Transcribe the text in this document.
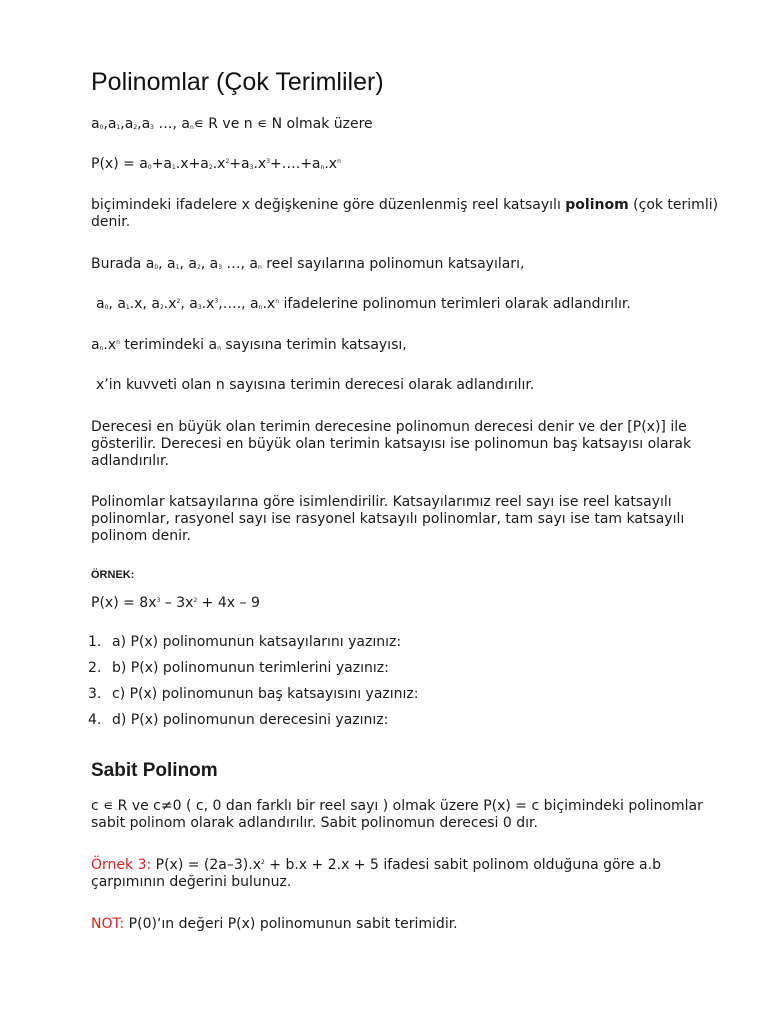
Polinomlar (Çok Terimliler)

$a_0,a_1,a_2,a_3$ …, $a_n∊$ R ve n ∊ N olmak üzere

$P(x) = a_0+a_1.x+a_2.x^2+a_3.x^3+\dots.+a_n.x^n$

biçimindeki ifadelere x değişkenine göre düzenlenmiş reel katsayılı polinom (çok terimli) denir.

Burada $a_0$, $a_1$, $a_2$, $a_3$ …, $a_n$ reel sayılarına polinomun katsayıları,

$a_0$, $a_1.x$, $a_2.x^2$, $a_3.x^3,\dots$., $a_n.x^n$ ifadelerine polinomun terimleri olarak adlandırılır.

$a_n.x^n$ terimindeki $a_n$ sayısına terimin katsayısı,

x’in kuvveti olan n sayısına terimin derecesi olarak adlandırılır.

Derecesi en büyük olan terimin derecesine polinomun derecesi denir ve der [P(x)] ile gösterilir. Derecesi en büyük olan terimin katsayısı ise polinomun baş katsayısı olarak adlandırılır.

Polinomlar katsayılarına göre isimlendirilir. Katsayılarımız reel sayı ise reel katsayılı polinomlar, rasyonel sayı ise rasyonel katsayılı polinomlar, tam sayı ise tam katsayılı polinom denir.

ÖRNEK:

$P(x) = 8x^3 - 3x^2 + 4x - 9$

1. a) P(x) polinomunun katsayılarını yazınız:
2. b) P(x) polinomunun terimlerini yazınız:
3. c) P(x) polinomunun baş katsayısını yazınız:
4. d) P(x) polinomunun derecesini yazınız:
Sabit Polinom

c ∊ R ve c≠0 ( c, 0 dan farklı bir reel sayı ) olmak üzere P(x) = c biçimindeki polinomlar sabit polinom olarak adlandırılır. Sabit polinomun derecesi 0 dır.

Örnek 3: $P(x) = (2a-3).x^2 + b.x + 2.x + 5$ ifadesi sabit polinom olduğuna göre a.b çarpımının değerini bulunuz.

NOT: P(0)‘ın değeri P(x) polinomunun sabit terimidir.
